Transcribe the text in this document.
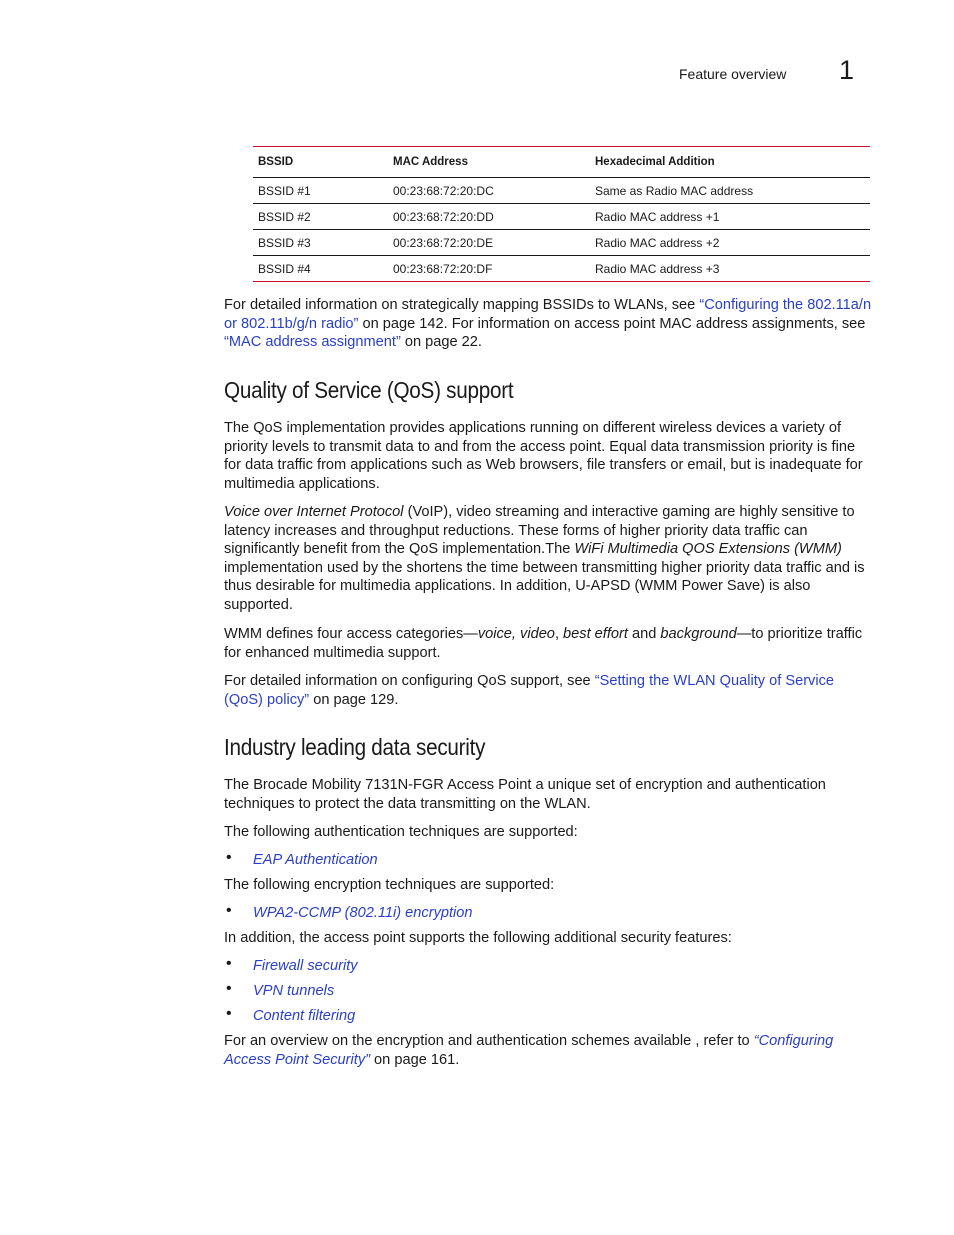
Feature overview 1
BSSID	MAC Address	Hexadecimal Addition
BSSID #1	00:23:68:72:20:DC	Same as Radio MAC address
BSSID #2	00:23:68:72:20:DD	Radio MAC address +1
BSSID #3	00:23:68:72:20:DE	Radio MAC address +2
BSSID #4	00:23:68:72:20:DF	Radio MAC address +3

For detailed information on strategically mapping BSSIDs to WLANs, see “Configuring the 802.11a/n or 802.11b/g/n radio” on page 142. For information on access point MAC address assignments, see “MAC address assignment” on page 22.

Quality of Service (QoS) support

The QoS implementation provides applications running on different wireless devices a variety of priority levels to transmit data to and from the access point. Equal data transmission priority is fine for data traffic from applications such as Web browsers, file transfers or email, but is inadequate for multimedia applications.

Voice over Internet Protocol (VoIP), video streaming and interactive gaming are highly sensitive to latency increases and throughput reductions. These forms of higher priority data traffic can significantly benefit from the QoS implementation.The WiFi Multimedia QOS Extensions (WMM) implementation used by the shortens the time between transmitting higher priority data traffic and is thus desirable for multimedia applications. In addition, U-APSD (WMM Power Save) is also supported.

WMM defines four access categories—voice, video, best effort and background—to prioritize traffic for enhanced multimedia support.

For detailed information on configuring QoS support, see “Setting the WLAN Quality of Service (QoS) policy” on page 129.

Industry leading data security

The Brocade Mobility 7131N-FGR Access Point a unique set of encryption and authentication techniques to protect the data transmitting on the WLAN.

The following authentication techniques are supported:

• EAP Authentication

The following encryption techniques are supported:

• WPA2-CCMP (802.11i) encryption

In addition, the access point supports the following additional security features:

• Firewall security
• VPN tunnels
• Content filtering

For an overview on the encryption and authentication schemes available , refer to “Configuring Access Point Security” on page 161.
